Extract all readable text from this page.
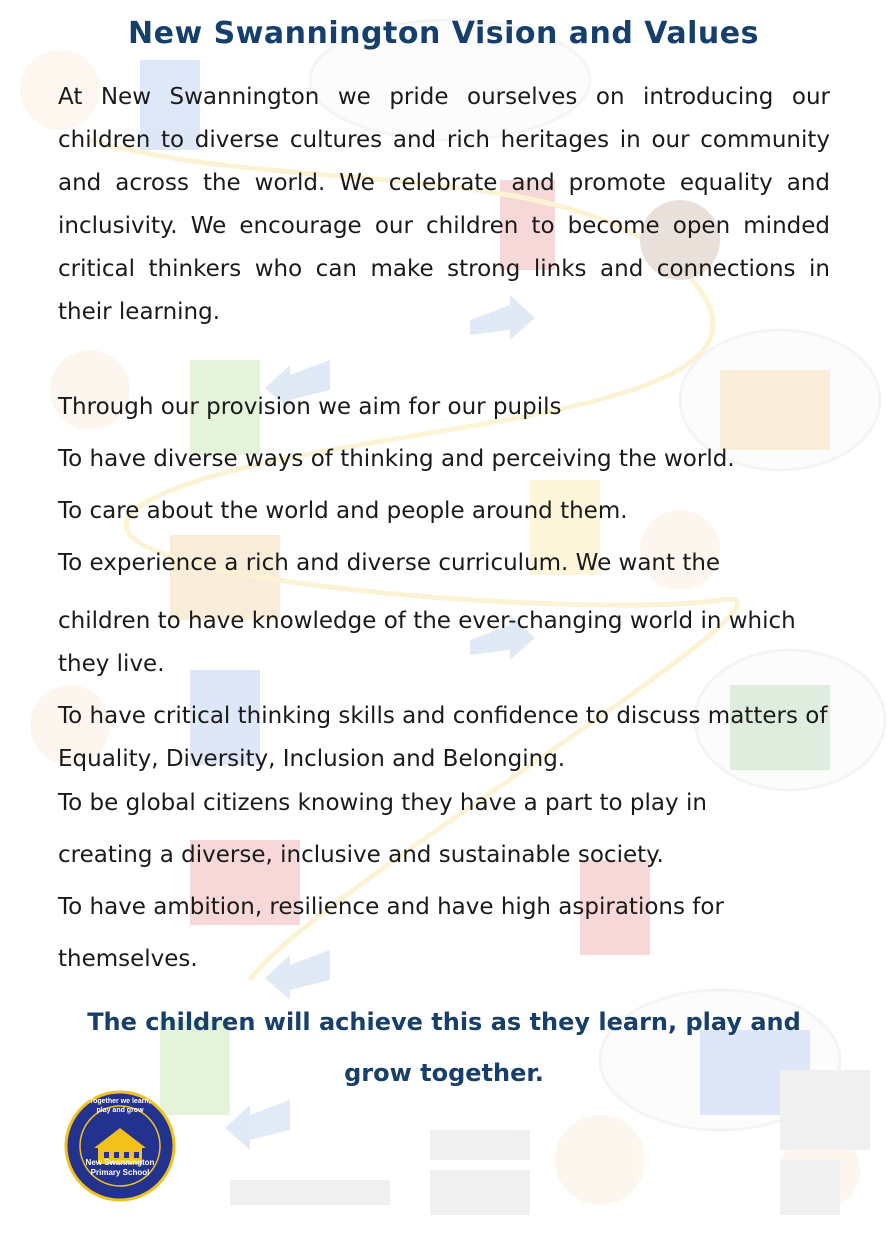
New Swannington Vision and Values
At New Swannington we pride ourselves on introducing our children to diverse cultures and rich heritages in our community and across the world. We celebrate and promote equality and inclusivity. We encourage our children to become open minded critical thinkers who can make strong links and connections in their learning.

Through our provision we aim for our pupils

To have diverse ways of thinking and perceiving the world.

To care about the world and people around them.

To experience a rich and diverse curriculum. We want the

children to have knowledge of the ever-changing world in which they live.

To have critical thinking skills and confidence to discuss matters of Equality, Diversity, Inclusion and Belonging.

To be global citizens knowing they have a part to play in

creating a diverse, inclusive and sustainable society.

To have ambition, resilience and have high aspirations for

themselves.

The children will achieve this as they learn, play and grow together.
Together we learn, play and grow
New Swannington Primary School
